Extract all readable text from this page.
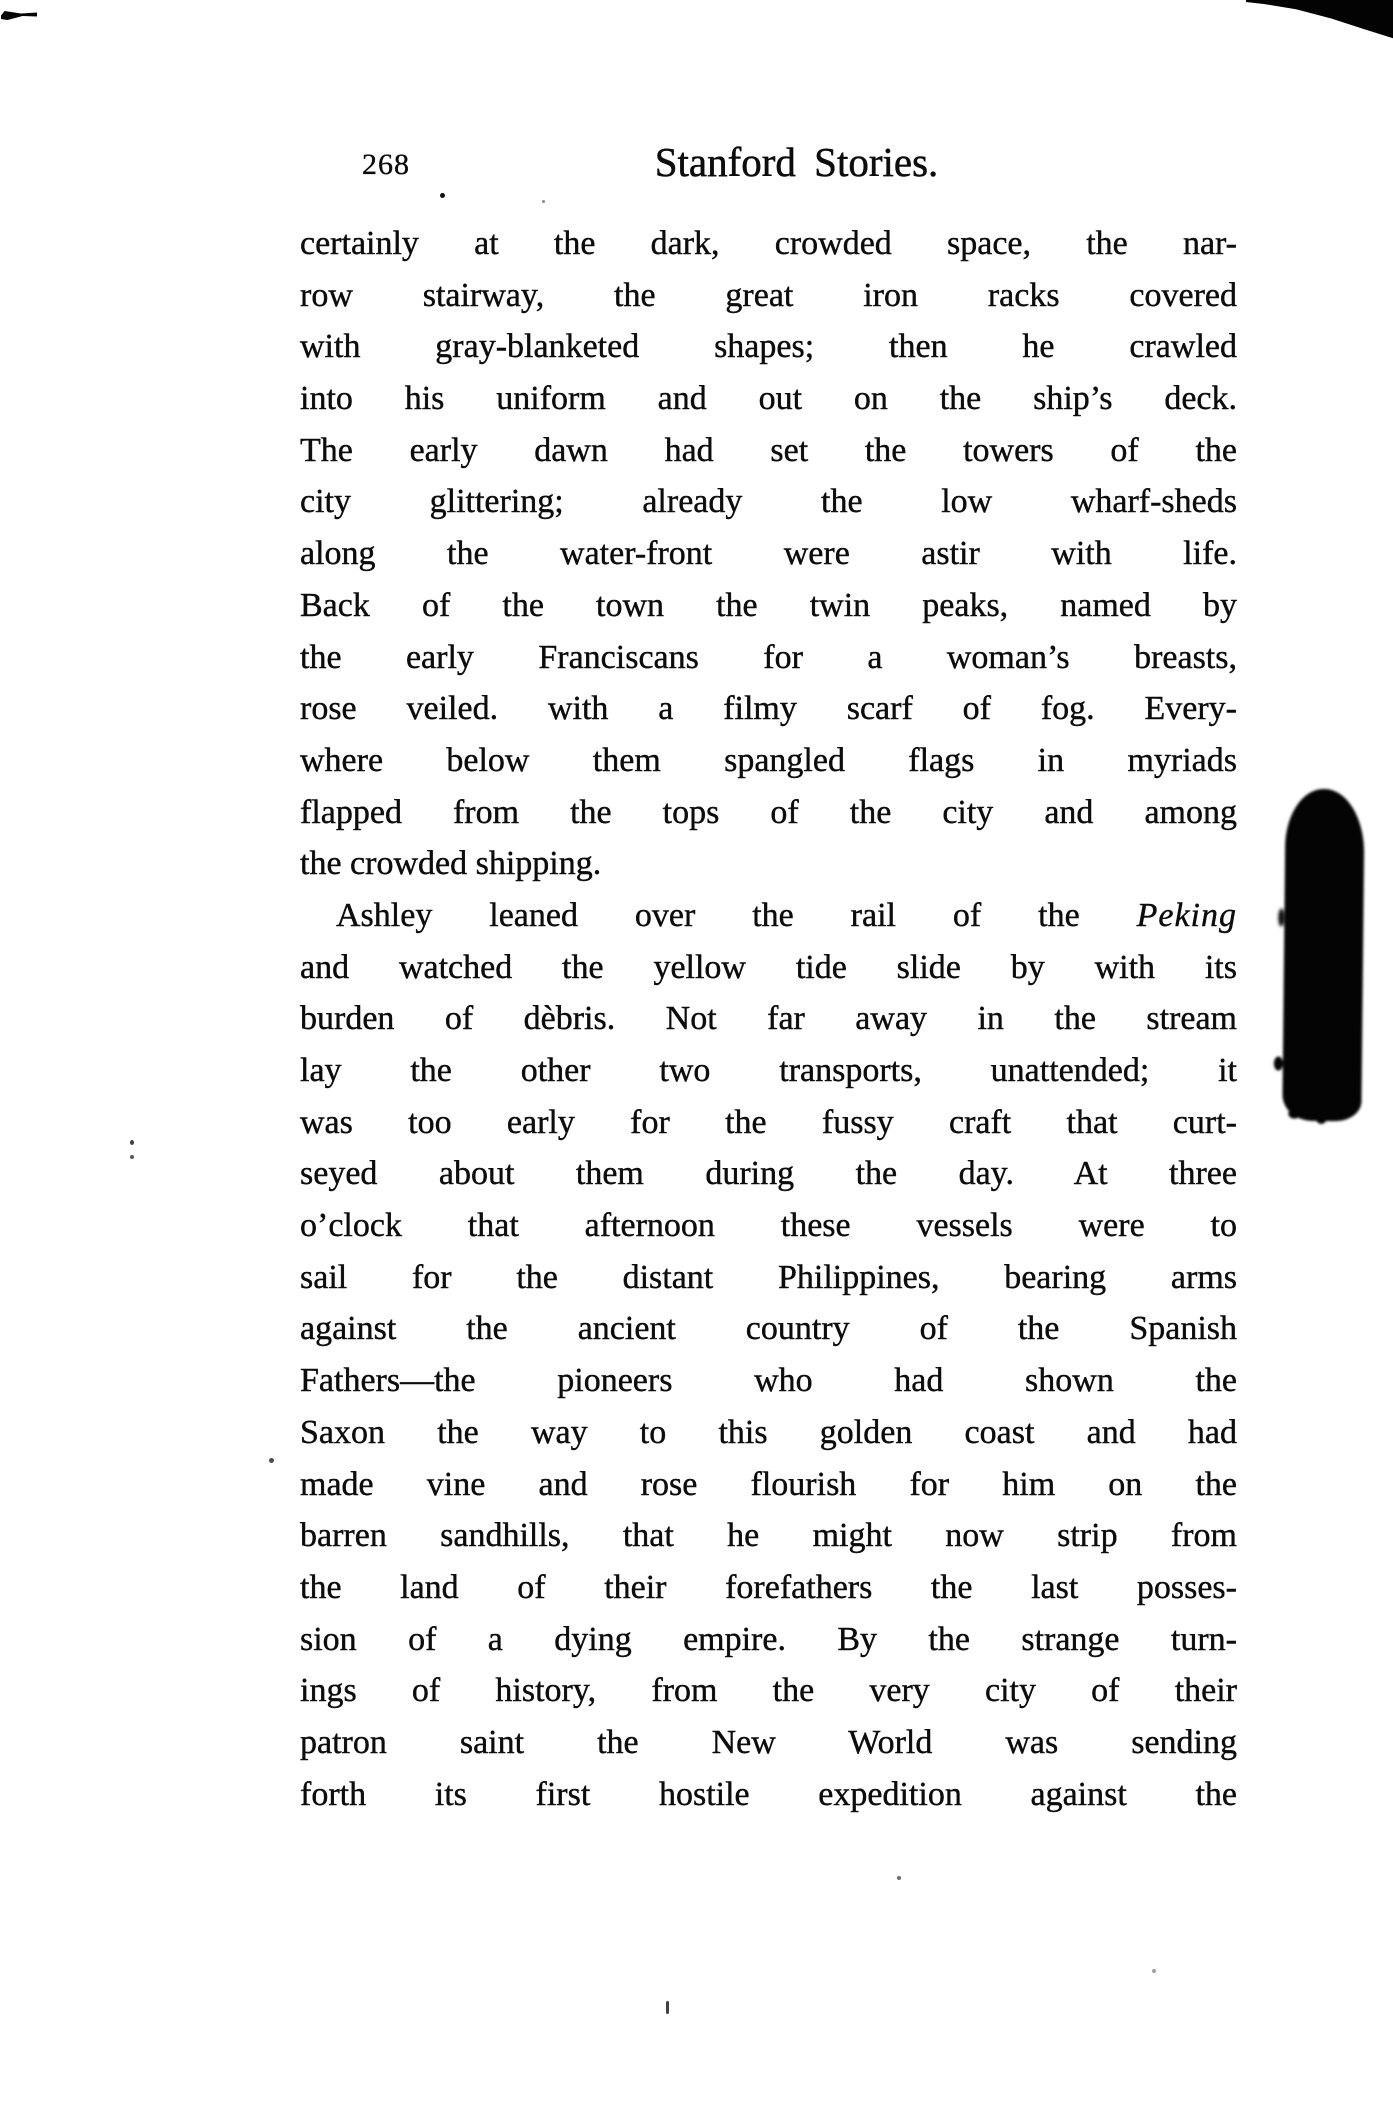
268	Stanford Stories.
certainly at the dark, crowded space, the nar-
row stairway, the great iron racks covered
with gray-blanketed shapes; then he crawled
into his uniform and out on the ship’s deck.
The early dawn had set the towers of the
city glittering; already the low wharf-sheds
along the water-front were astir with life.
Back of the town the twin peaks, named by
the early Franciscans for a woman’s breasts,
rose veiled. with a filmy scarf of fog. Every-
where below them spangled flags in myriads
flapped from the tops of the city and among
the crowded shipping.
Ashley leaned over the rail of the Peking
and watched the yellow tide slide by with its
burden of dèbris. Not far away in the stream
lay the other two transports, unattended; it
was too early for the fussy craft that curt-
seyed about them during the day. At three
o’clock that afternoon these vessels were to
sail for the distant Philippines, bearing arms
against the ancient country of the Spanish
Fathers—the pioneers who had shown the
Saxon the way to this golden coast and had
made vine and rose flourish for him on the
barren sandhills, that he might now strip from
the land of their forefathers the last posses-
sion of a dying empire. By the strange turn-
ings of history, from the very city of their
patron saint the New World was sending
forth its first hostile expedition against the
